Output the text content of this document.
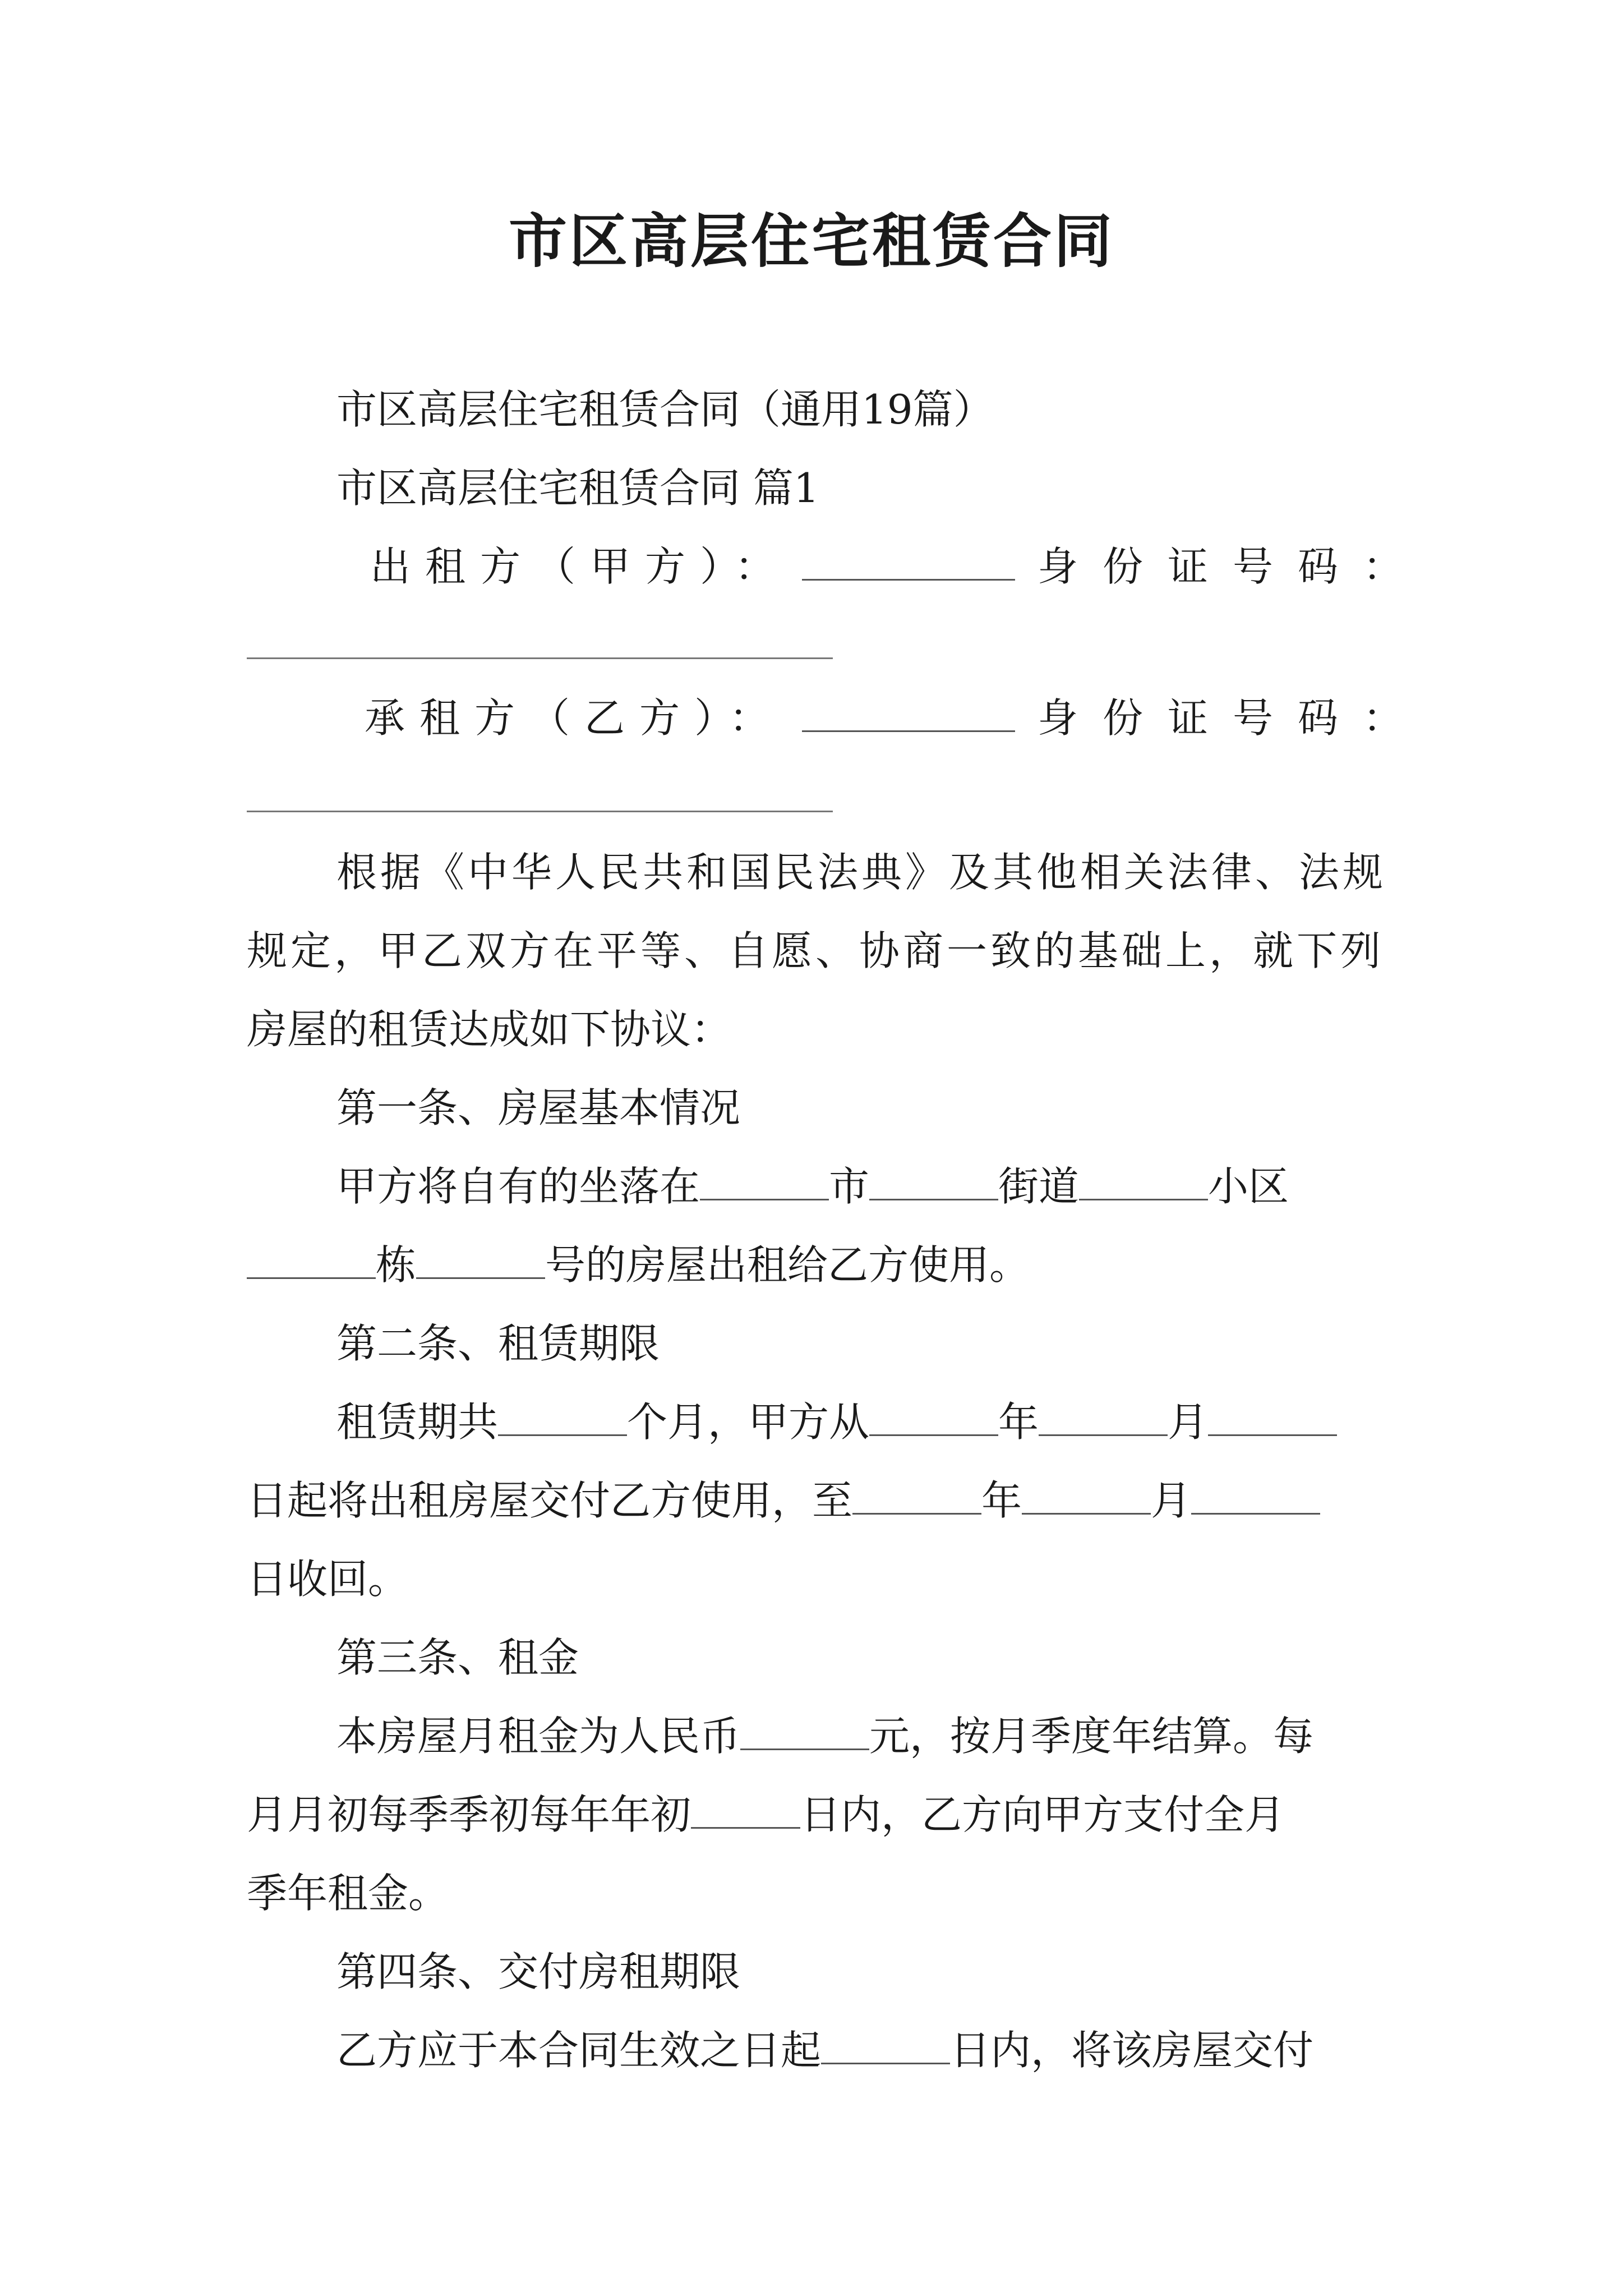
市区高层住宅租赁合同
市区高层住宅租赁合同（通用19篇）
市区高层住宅租赁合同 篇1
出租方（甲方）：	身份证号码：
承租方（乙方）：	身份证号码：
根据《中华人民共和国民法典》及其他相关法律、法规
规定，甲乙双方在平等、自愿、协商一致的基础上，就下列
房屋的租赁达成如下协议：
第一条、房屋基本情况
甲方将自有的坐落在	市	街道	小区
栋	号的房屋出租给乙方使用。
第二条、租赁期限
租赁期共	个月，甲方从	年	月
日起将出租房屋交付乙方使用，至	年	月
日收回。
第三条、租金
本房屋月租金为人民币	元，按月季度年结算。每
月月初每季季初每年年初	日内，乙方向甲方支付全月
季年租金。
第四条、交付房租期限
乙方应于本合同生效之日起	日内，将该房屋交付
